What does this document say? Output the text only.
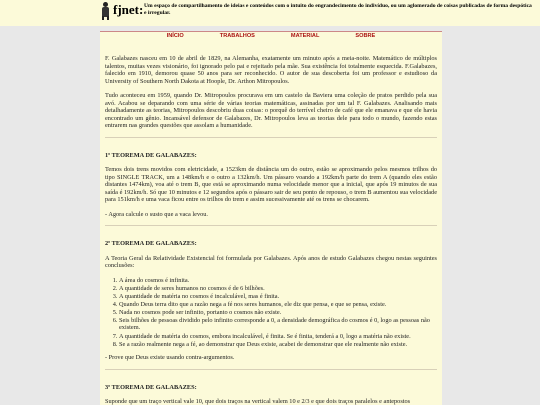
fjnet: Um espaço de compartilhamento de ideias e conteúdos com o intuito do engrandecimento do indivíduo, ou um aglomerado de coisas publicadas de forma despótica e irregular.
INÍCIO	TRABALHOS	MATERIAL	SOBRE

F. Galabazes nasceu em 10 de abril de 1829, na Alemanha, exatamente um minuto após a meia-noite. Matemático de múltiplos talentos, muitas vezes visionário, foi ignorado pelo pai e rejeitado pela mãe. Sua existência foi totalmente esquecida. F.Galabazes, falecido em 1910, demorou quase 50 anos para ser reconhecido. O autor de sua descoberta foi um professor e estudioso da University of Southern North Dakota at Hoople, Dr. Arthon Mitropoulos.

Tudo aconteceu em 1959, quando Dr. Mitropoulos procurava em um castelo da Baviera uma coleção de pratos perdido pela sua avó. Acabou se deparando com uma série de várias teorias matemáticas, assinadas por um tal F. Galabazes. Analisando mais detalhadamente as teorias, Mitropoulos descobriu duas coisas: o porquê do terrível cheiro de café que ele emanava e que ele havia encontrado um gênio. Incansável defensor de Galabazes, Dr. Mitropoulos leva as teorias dele para todo o mundo, fazendo estas entrarem nas grandes questões que assolam a humanidade.

1º TEOREMA DE GALABAZES:

Temos dois trens movidos com eletricidade, a 1523km de distância um do outro, estão se aproximando pelos mesmos trilhos do tipo SINGLE TRACK, um a 148km/h e o outro a 132km/h. Um pássaro voando a 192km/h parte do trem A (quando eles estão distantes 1474km), voa até o trem B, que está se aproximando numa velocidade menor que a inicial, que após 19 minutos de sua saída é 192km/h. Só que 10 minutos e 12 segundos após o pássaro sair de seu ponto de repouso, o trem B aumentou sua velocidade para 151km/h e uma vaca ficou entre os trilhos do trem e assim sucessivamente até os trens se chocarem.

- Agora calcule o susto que a vaca levou.

2º TEOREMA DE GALABAZES:

A Teoria Geral da Relatividade Existencial foi formulada por Galabazes. Após anos de estudo Galabazes chegou nestas seguintes conclusões:

1. A área do cosmos é infinita.
2. A quantidade de seres humanos no cosmos é de 6 bilhões.
3. A quantidade de matéria no cosmos é incalculável, mas é finita.
4. Quando Deus terra dito que a razão nega a fé nos seres humanos, ele diz que pensa, e que se pensa, existe.
5. Nada no cosmos pode ser infinito, portanto o cosmos não existe.
6. Seis bilhões de pessoas dividido pelo infinito corresponde a 0, a densidade demográfica do cosmos é 0, logo as pessoas não existem.
7. A quantidade de matéria do cosmos, embora incalculável, é finita. Se é finita, tenderá a 0, logo a matéria não existe.
8. Se a razão realmente nega a fé, ao demonstrar que Deus existe, acabei de demonstrar que ele realmente não existe.

- Prove que Deus existe usando contra-argumentos.

3º TEOREMA DE GALABAZES:

Suponde que um traço vertical vale 10, que dois traços na vertical valem 10 e 2/3 e que dois traços paralelos e antepostos
